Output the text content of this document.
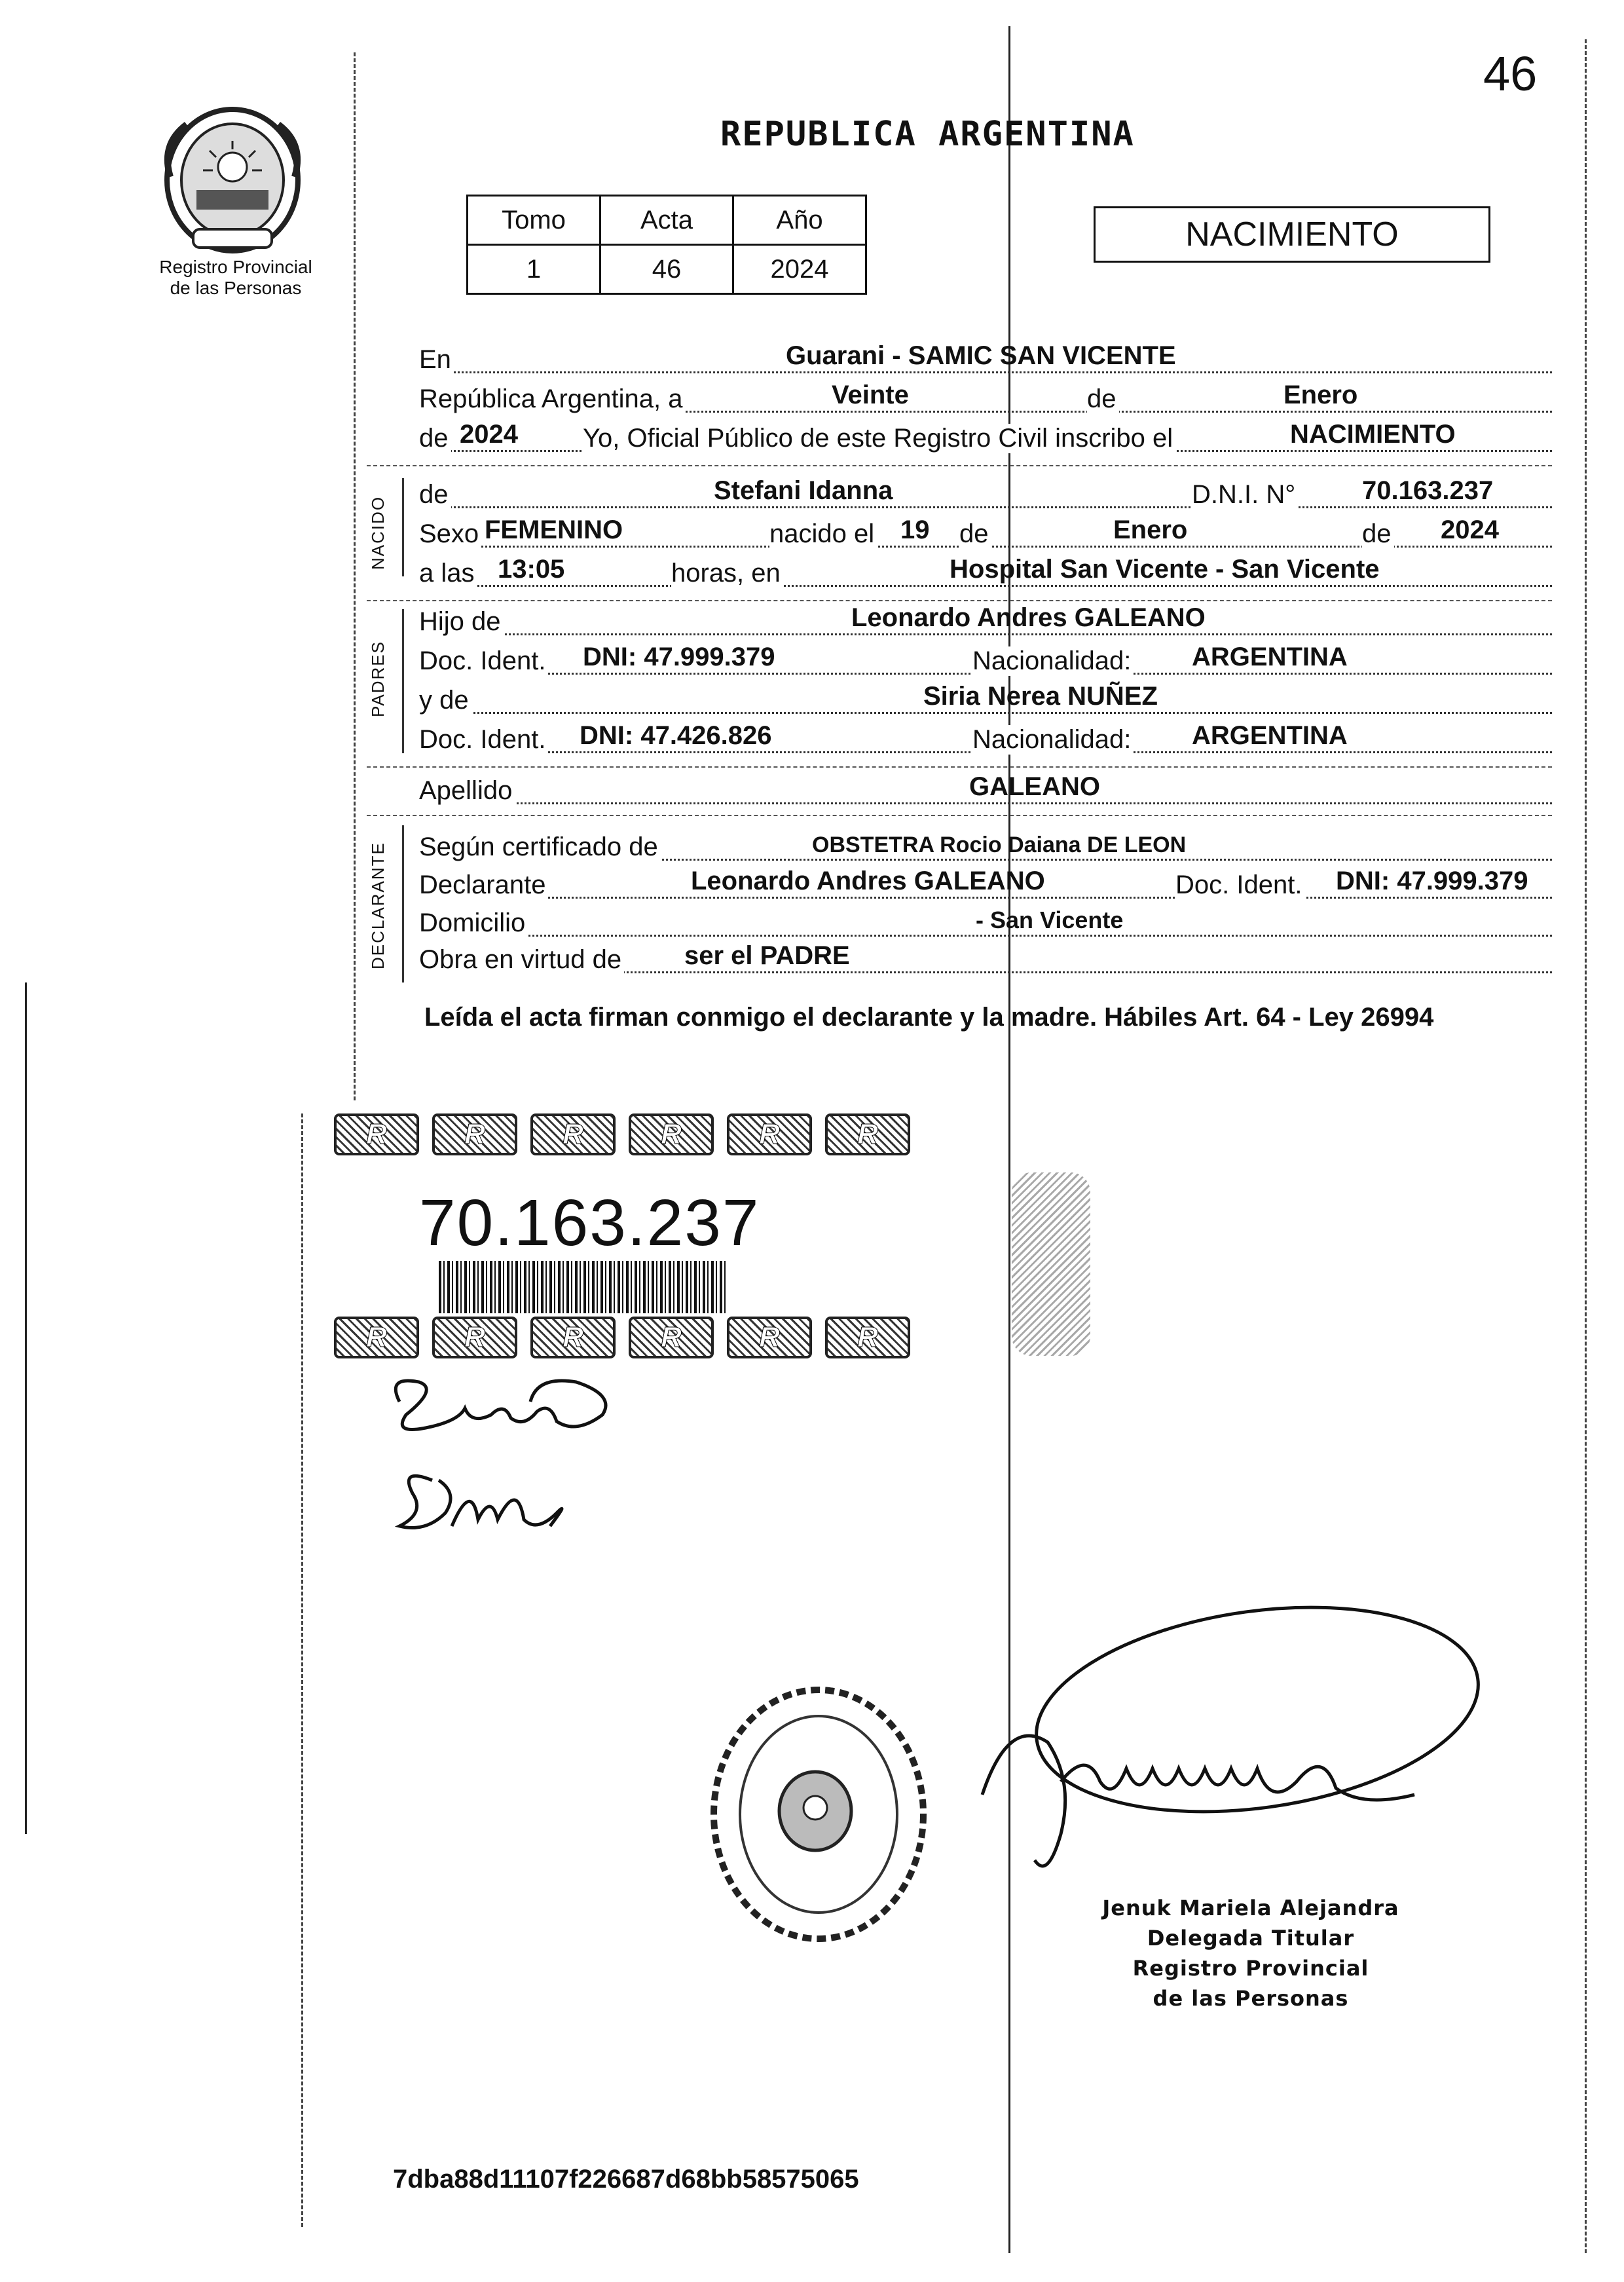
46
Registro Provincial
de las Personas
REPUBLICA ARGENTINA
Tomo	Acta	Año
1	46	2024
NACIMIENTO
En	Guarani - SAMIC SAN VICENTE
República Argentina, a	Veinte	de	Enero
de 2024 Yo, Oficial Público de este Registro Civil inscribo el	NACIMIENTO
NACIDO
de	Stefani Idanna	D.N.I. N°	70.163.237
Sexo FEMENINO	nacido el 19 de	Enero	de 2024
a las 13:05	horas, en	Hospital San Vicente - San Vicente
PADRES
Hijo de	Leonardo Andres GALEANO
Doc. Ident. DNI: 47.999.379	Nacionalidad: ARGENTINA
y de	Siria Nerea NUÑEZ
Doc. Ident. DNI: 47.426.826	Nacionalidad: ARGENTINA
Apellido	GALEANO
DECLARANTE Según certificado de	OBSTETRA Rocio Daiana DE LEON
Declarante	Leonardo Andres GALEANO	Doc. Ident. DNI: 47.999.379
Domicilio	- San Vicente
Obra en virtud de ser el PADRE
Leída el acta firman conmigo el declarante y la madre. Hábiles Art. 64 - Ley 26994
R	R	R	R	R	R
70.163.237
R	R	R	R	R	R
Jenuk Mariela Alejandra
Delegada Titular
Registro Provincial
de las Personas
7dba88d11107f226687d68bb58575065
